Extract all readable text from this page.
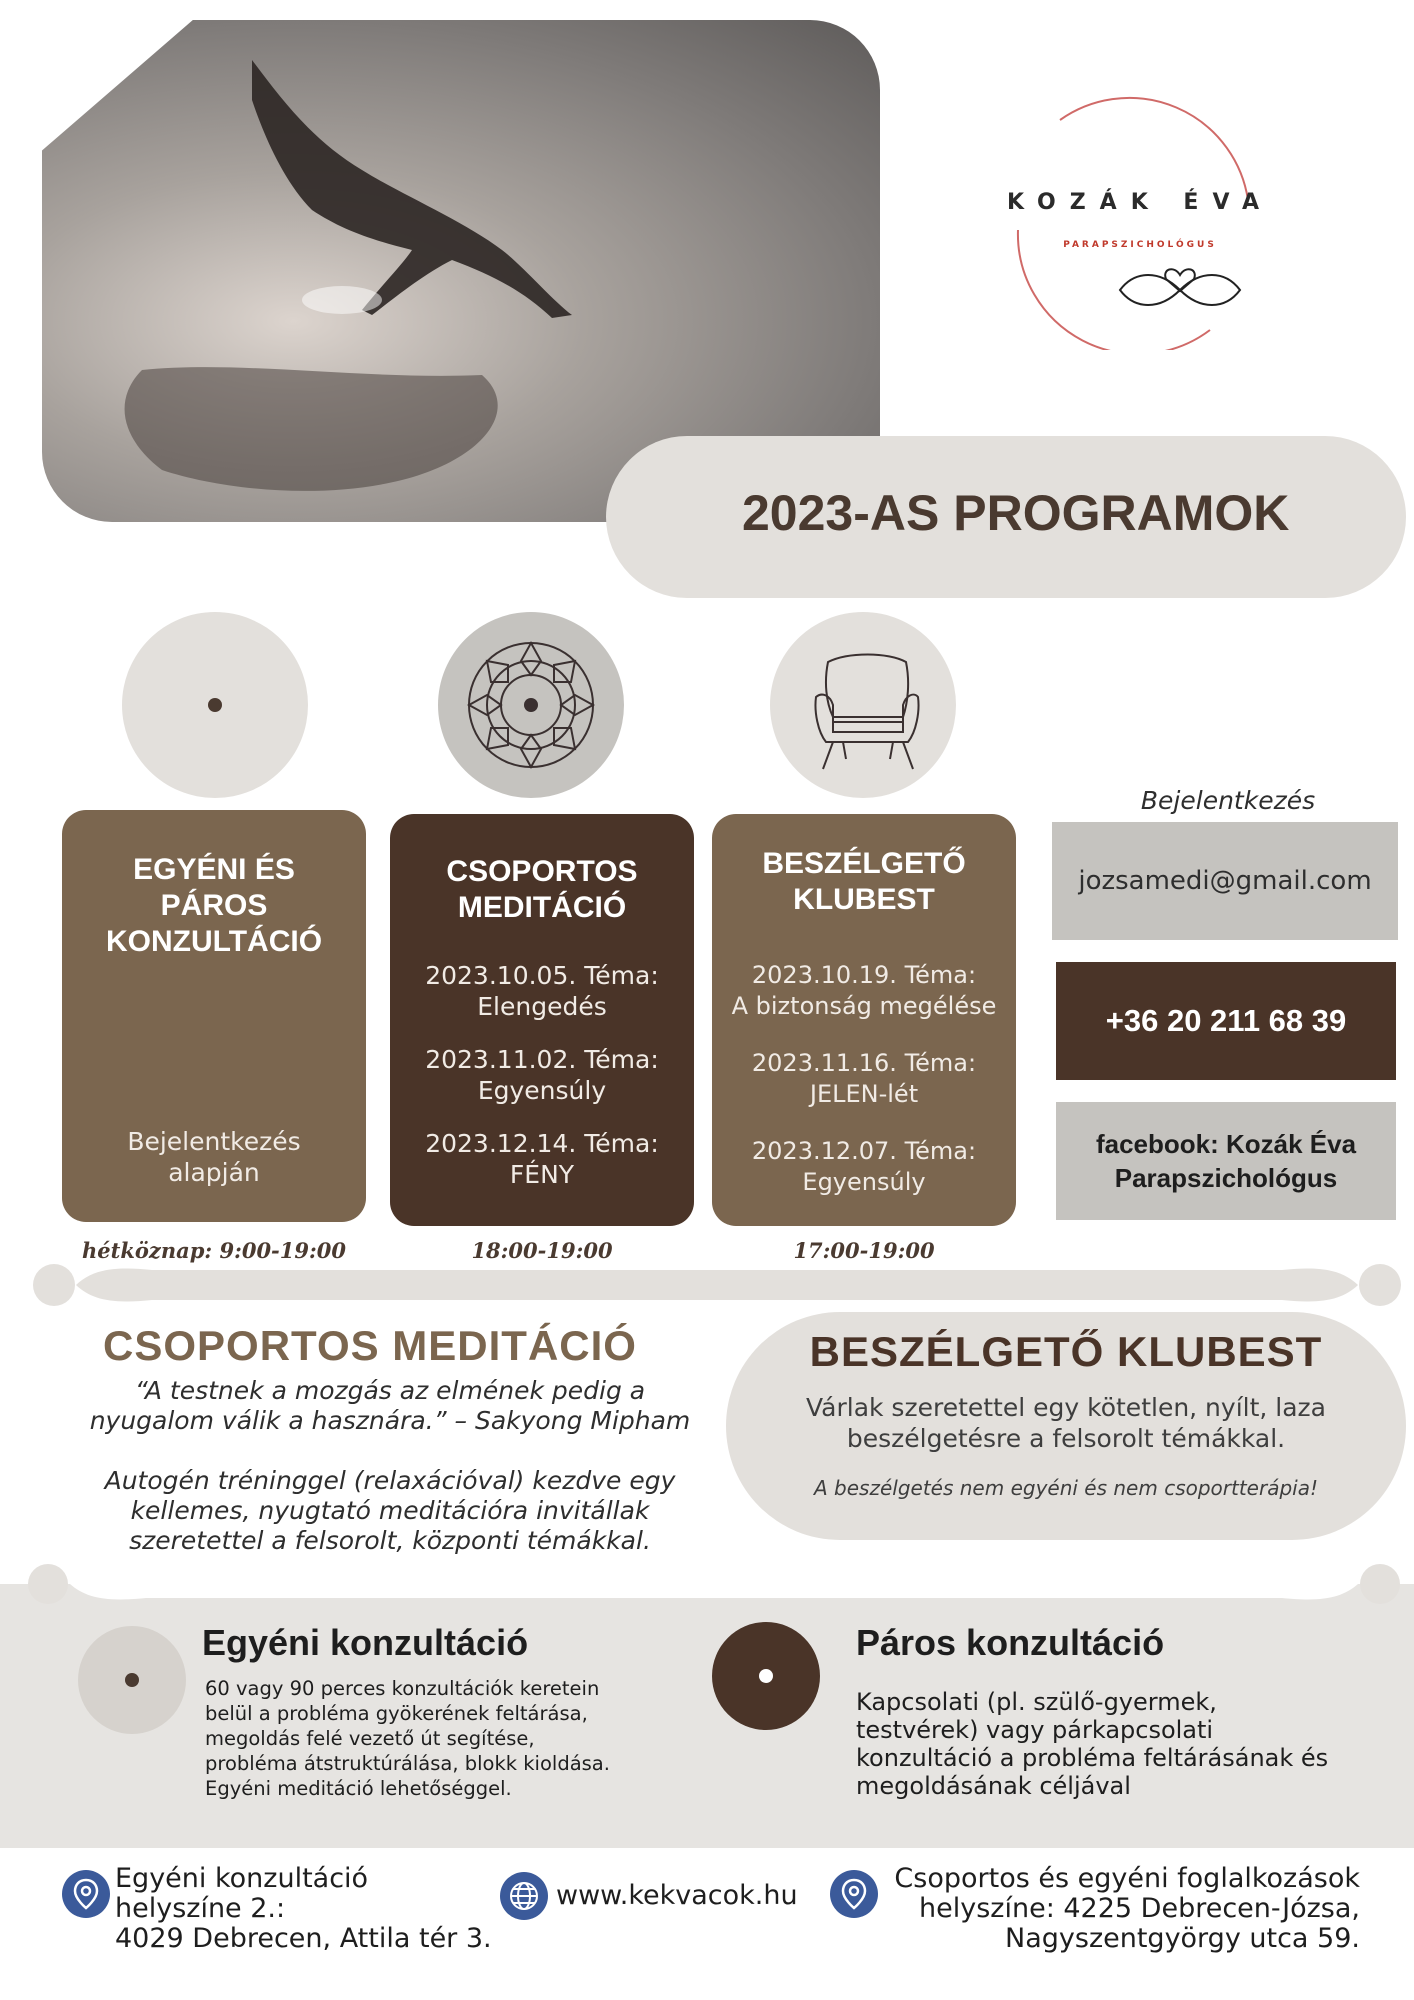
KOZÁK ÉVA
PARAPSZICHOLÓGUS
2023-AS PROGRAMOK
EGYÉNI ÉS
PÁROS
KONZULTÁCIÓ

Bejelentkezés
alapján

CSOPORTOS
MEDITÁCIÓ

2023.10.05. Téma:
Elengedés

2023.11.02. Téma:
Egyensúly

2023.12.14. Téma:
FÉNY

BESZÉLGETŐ
KLUBEST

2023.10.19. Téma:
A biztonság megélése

2023.11.16. Téma:
JELEN-lét

2023.12.07. Téma:
Egyensúly

hétköznap: 9:00-19:00	18:00-19:00	17:00-19:00
Bejelentkezés
jozsamedi@gmail.com
+36 20 211 68 39
facebook: Kozák Éva
Parapszichológus
CSOPORTOS MEDITÁCIÓ
“A testnek a mozgás az elmének pedig a
nyugalom válik a hasznára.” – Sakyong Mipham
Autogén tréninggel (relaxációval) kezdve egy
kellemes, nyugtató meditációra invitállak
szeretettel a felsorolt, központi témákkal.
BESZÉLGETŐ KLUBEST
Várlak szeretettel egy kötetlen, nyílt, laza
beszélgetésre a felsorolt témákkal.
A beszélgetés nem egyéni és nem csoportterápia!
Egyéni konzultáció
60 vagy 90 perces konzultációk keretein
belül a probléma gyökerének feltárása,
megoldás felé vezető út segítése,
probléma átstruktúrálása, blokk kioldása.
Egyéni meditáció lehetőséggel.
Páros konzultáció
Kapcsolati (pl. szülő-gyermek,
testvérek) vagy párkapcsolati
konzultáció a probléma feltárásának és
megoldásának céljával
Egyéni konzultáció
helyszíne 2.:
4029 Debrecen, Attila tér 3.
www.kekvacok.hu
Csoportos és egyéni foglalkozások
helyszíne: 4225 Debrecen-Józsa,
Nagyszentgyörgy utca 59.
